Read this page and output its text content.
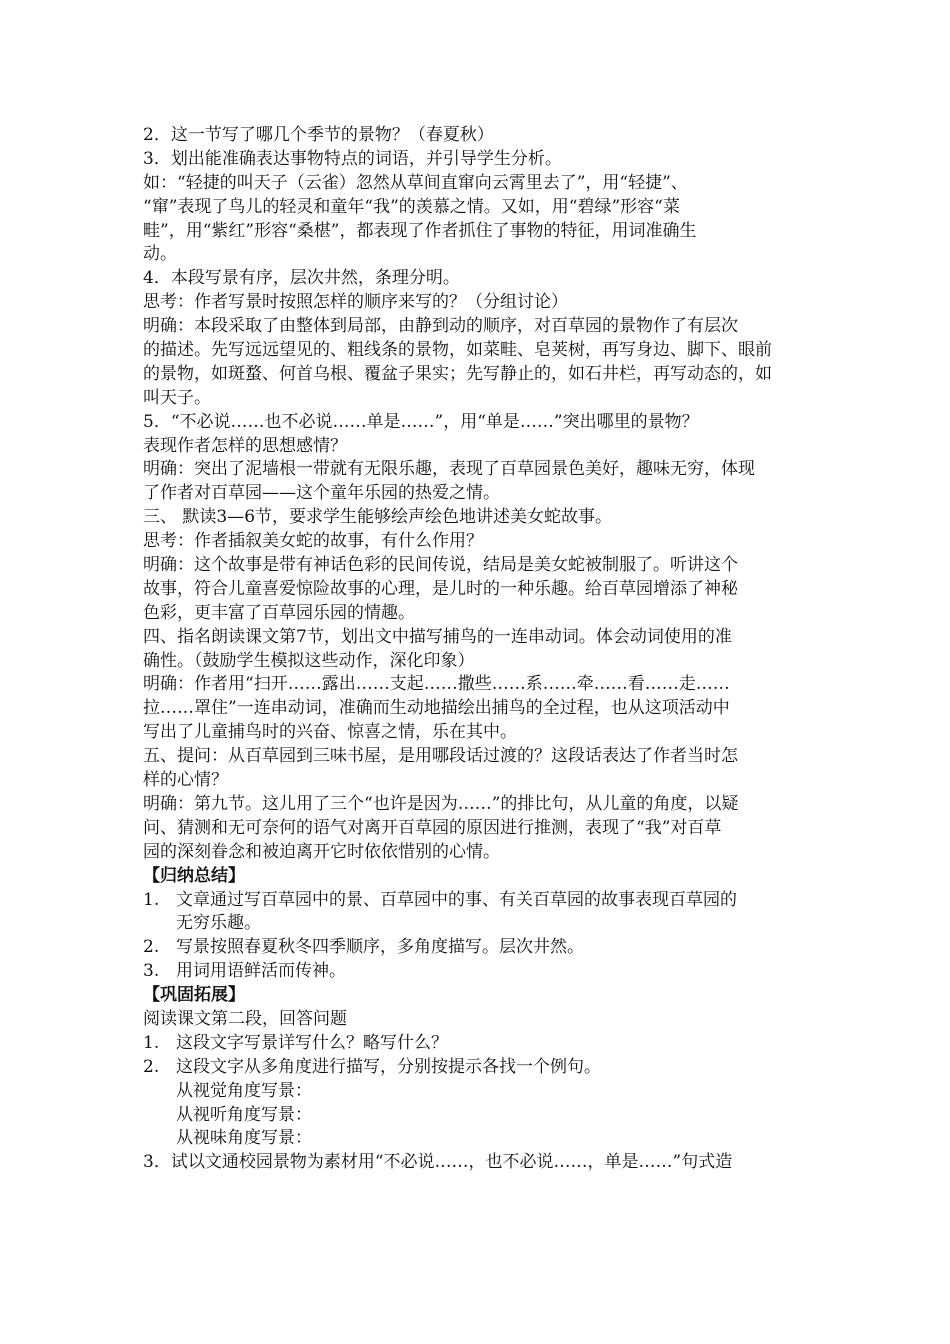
2．这一节写了哪几个季节的景物？（春夏秋）
3．划出能准确表达事物特点的词语，并引导学生分析。
如：“轻捷的叫天子（云雀）忽然从草间直窜向云霄里去了”，用“轻捷”、
“窜”表现了鸟儿的轻灵和童年“我”的羡慕之情。又如，用“碧绿”形容“菜
畦”，用“紫红”形容“桑椹”，都表现了作者抓住了事物的特征，用词准确生
动。
4．本段写景有序，层次井然，条理分明。
思考：作者写景时按照怎样的顺序来写的？（分组讨论）
明确：本段采取了由整体到局部，由静到动的顺序，对百草园的景物作了有层次
的描述。先写远远望见的、粗线条的景物，如菜畦、皂荚树，再写身边、脚下、眼前
的景物，如斑蝥、何首乌根、覆盆子果实；先写静止的，如石井栏，再写动态的，如
叫天子。
5．“不必说……也不必说……单是……”，用“单是……”突出哪里的景物？
表现作者怎样的思想感情？
明确：突出了泥墙根一带就有无限乐趣，表现了百草园景色美好，趣味无穷，体现
了作者对百草园——这个童年乐园的热爱之情。
三、 默读3—6节，要求学生能够绘声绘色地讲述美女蛇故事。
思考：作者插叙美女蛇的故事，有什么作用？
明确：这个故事是带有神话色彩的民间传说，结局是美女蛇被制服了。听讲这个
故事，符合儿童喜爱惊险故事的心理，是儿时的一种乐趣。给百草园增添了神秘
色彩，更丰富了百草园乐园的情趣。
四、指名朗读课文第7节，划出文中描写捕鸟的一连串动词。体会动词使用的准
确性。（鼓励学生模拟这些动作，深化印象）
明确：作者用“扫开……露出……支起……撒些……系……牵……看……走……
拉……罩住”一连串动词，准确而生动地描绘出捕鸟的全过程，也从这项活动中
写出了儿童捕鸟时的兴奋、惊喜之情，乐在其中。
五、提问：从百草园到三味书屋，是用哪段话过渡的？这段话表达了作者当时怎
样的心情？
明确：第九节。这儿用了三个“也许是因为……”的排比句，从儿童的角度，以疑
问、猜测和无可奈何的语气对离开百草园的原因进行推测，表现了“我”对百草
园的深刻眷念和被迫离开它时依依惜别的心情。
【归纳总结】
1. 文章通过写百草园中的景、百草园中的事、有关百草园的故事表现百草园的
无穷乐趣。
2. 写景按照春夏秋冬四季顺序，多角度描写。层次井然。
3. 用词用语鲜活而传神。
【巩固拓展】
阅读课文第二段，回答问题
1. 这段文字写景详写什么？略写什么？
2. 这段文字从多角度进行描写，分别按提示各找一个例句。
从视觉角度写景：
从视听角度写景：
从视味角度写景：
3．试以文通校园景物为素材用“不必说……，也不必说……，单是……”句式造
